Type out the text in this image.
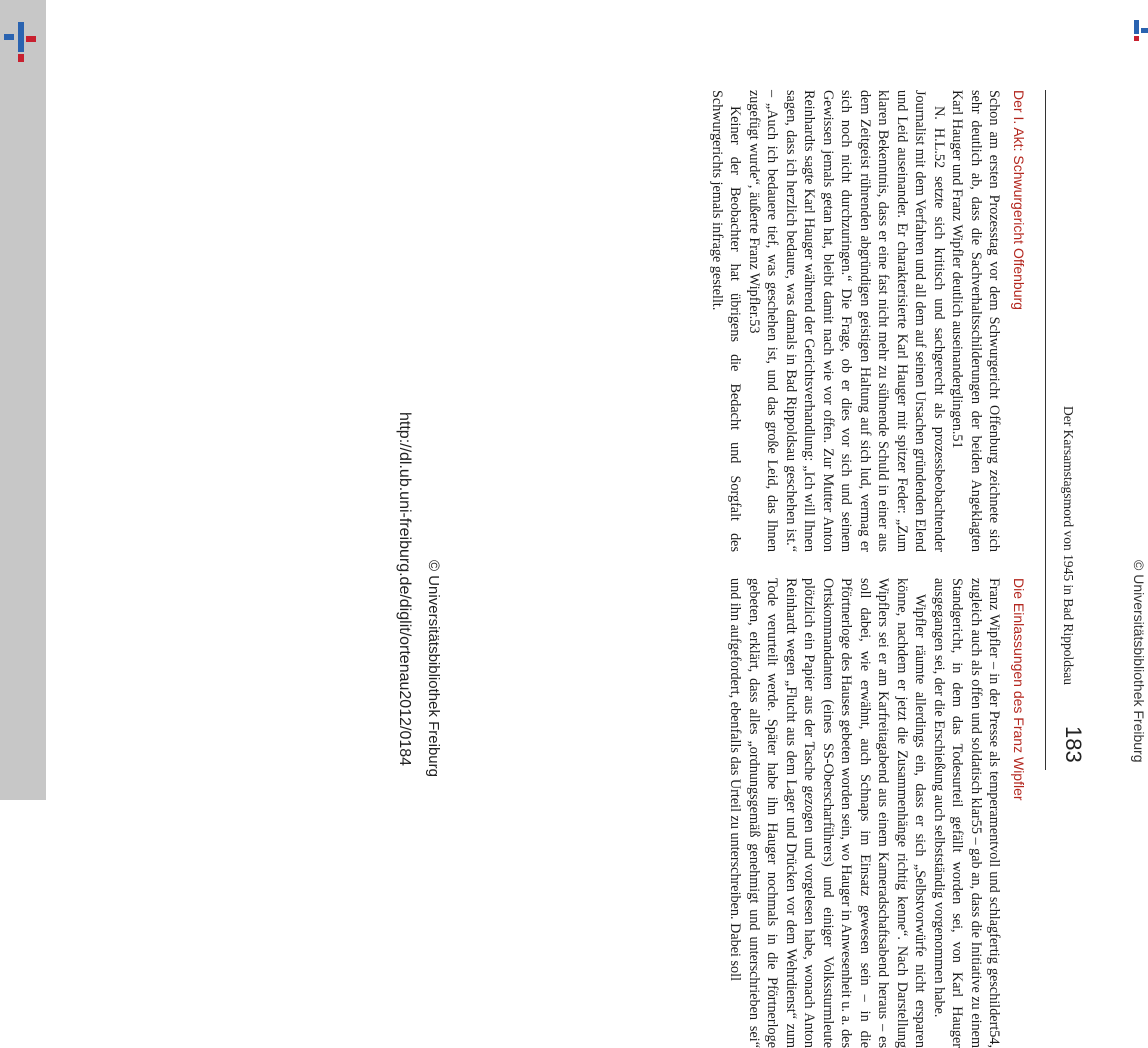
http://dl.ub.uni-freiburg.de/diglit/ortenau2012/0184 © Universitätsbibliothek Freiburg	© Universitätsbibliothek Freiburg
Der Karsamstagsmord von 1945 in Bad Rippoldsau
183
Der I. Akt: Schwurgericht Offenburg

Schon am ersten Prozesstag vor dem Schwurgericht Offenburg zeichnete sich sehr deutlich ab, dass die Sachverhaltsschilderungen der beiden Angeklagten Karl Hauger und Franz Wipfler deutlich auseinanderglingen.51

N. H.L.52 setzte sich kritisch und sachgerecht als prozessbeobachtender Journalist mit dem Verfahren und all dem auf seinen Ursachen gründenden Elend und Leid auseinander. Er charakterisierte Karl Hauger mit spitzer Feder: „Zum klaren Bekenntnis, dass er eine fast nicht mehr zu sühnende Schuld in einer aus dem Zeitgeist rührenden abgründigen geistigen Haltung auf sich lud, vermag er sich noch nicht durchzuringen.“ Die Frage, ob er dies vor sich und seinem Gewissen jemals getan hat, bleibt damit nach wie vor offen. Zur Mutter Anton Reinhardts sagte Karl Hauger während der Gerichtsverhandlung: „Ich will Ihnen sagen, dass ich herzlich bedaure, was damals in Bad Rippoldsau geschehen ist.“ – „Auch ich bedauere tief, was geschehen ist, und das große Leid, das Ihnen zugefügt wurde“, äußerte Franz Wipfler.53

Keiner der Beobachter hat übrigens die Bedacht und Sorgfalt des Schwurgerichts jemals infrage gestellt.

Die Einlassungen des Franz Wipfler

Franz Wipfler – in der Presse als temperamentvoll und schlagfertig geschildert54, zugleich auch als offen und soldatisch klar55 – gab an, dass die Initiative zu einem Standgericht, in dem das Todesurteil gefällt worden sei, von Karl Hauger ausgegangen sei, der die Erschießung auch selbstständig vorgenommen habe.

Wipfler räumte allerdings ein, dass er sich „Selbstvorwürfe nicht ersparen könne, nachdem er jetzt die Zusammenhänge richtig kenne“. Nach Darstellung Wipflers sei er am Karfreitagabend aus einem Kameradschaftsabend heraus – es soll dabei, wie erwähnt, auch Schnaps im Einsatz gewesen sein – in die Pförtnerloge des Hauses gebeten worden sein, wo Hauger in Anwesenheit u. a. des Ortskommandanten (eines SS-Oberscharführers) und einiger Volkssturmleute plötzlich ein Papier aus der Tasche gezogen und vorgelesen habe, wonach Anton Reinhardt wegen „Flucht aus dem Lager und Drücken vor dem Wehrdienst“ zum Tode verurteilt werde. Später habe ihn Hauger nochmals in die Pförtnerloge gebeten, erklärt, dass alles „ordnungsgemäß genehmigt und unterschrieben sei“ und ihn aufgefordert, ebenfalls das Urteil zu unterschreiben. Dabei soll
